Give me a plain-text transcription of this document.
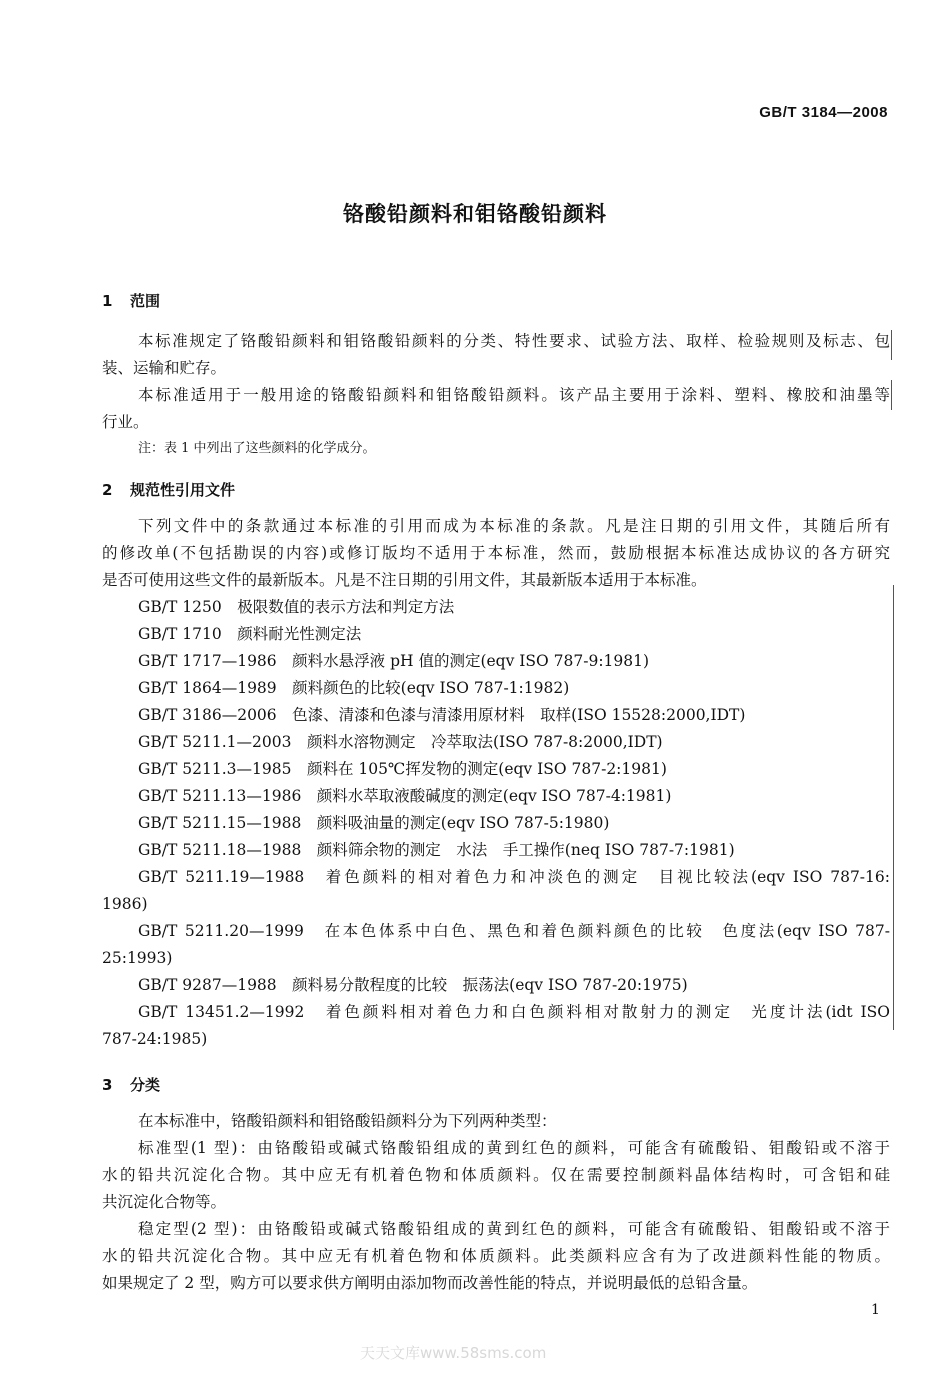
GB/T 3184—2008
铬酸铅颜料和钼铬酸铅颜料
1 范围
本标准规定了铬酸铅颜料和钼铬酸铅颜料的分类、特性要求、试验方法、取样、检验规则及标志、包
装、运输和贮存。
本标准适用于一般用途的铬酸铅颜料和钼铬酸铅颜料。该产品主要用于涂料、塑料、橡胶和油墨等
行业。
注：表 1 中列出了这些颜料的化学成分。
2 规范性引用文件
下列文件中的条款通过本标准的引用而成为本标准的条款。凡是注日期的引用文件，其随后所有
的修改单(不包括勘误的内容)或修订版均不适用于本标准，然而，鼓励根据本标准达成协议的各方研究
是否可使用这些文件的最新版本。凡是不注日期的引用文件，其最新版本适用于本标准。
GB/T 1250　极限数值的表示方法和判定方法
GB/T 1710　颜料耐光性测定法
GB/T 1717—1986　颜料水悬浮液 pH 值的测定(eqv ISO 787-9:1981)
GB/T 1864—1989　颜料颜色的比较(eqv ISO 787-1:1982)
GB/T 3186—2006　色漆、清漆和色漆与清漆用原材料　取样(ISO 15528:2000,IDT)
GB/T 5211.1—2003　颜料水溶物测定　冷萃取法(ISO 787-8:2000,IDT)
GB/T 5211.3—1985　颜料在 105℃挥发物的测定(eqv ISO 787-2:1981)
GB/T 5211.13—1986　颜料水萃取液酸碱度的测定(eqv ISO 787-4:1981)
GB/T 5211.15—1988　颜料吸油量的测定(eqv ISO 787-5:1980)
GB/T 5211.18—1988　颜料筛余物的测定　水法　手工操作(neq ISO 787-7:1981)
GB/T 5211.19—1988　着色颜料的相对着色力和冲淡色的测定　目视比较法(eqv ISO 787-16:
1986)
GB/T 5211.20—1999　在本色体系中白色、黑色和着色颜料颜色的比较　色度法(eqv ISO 787-
25:1993)
GB/T 9287—1988　颜料易分散程度的比较　振荡法(eqv ISO 787-20:1975)
GB/T 13451.2—1992　着色颜料相对着色力和白色颜料相对散射力的测定　光度计法(idt ISO
787-24:1985)
3 分类
在本标准中，铬酸铅颜料和钼铬酸铅颜料分为下列两种类型：
标准型(1 型)：由铬酸铅或碱式铬酸铅组成的黄到红色的颜料，可能含有硫酸铅、钼酸铅或不溶于
水的铅共沉淀化合物。其中应无有机着色物和体质颜料。仅在需要控制颜料晶体结构时，可含铝和硅
共沉淀化合物等。
稳定型(2 型)：由铬酸铅或碱式铬酸铅组成的黄到红色的颜料，可能含有硫酸铅、钼酸铅或不溶于
水的铅共沉淀化合物。其中应无有机着色物和体质颜料。此类颜料应含有为了改进颜料性能的物质。
如果规定了 2 型，购方可以要求供方阐明由添加物而改善性能的特点，并说明最低的总铅含量。
1
天天文库www.58sms.com
